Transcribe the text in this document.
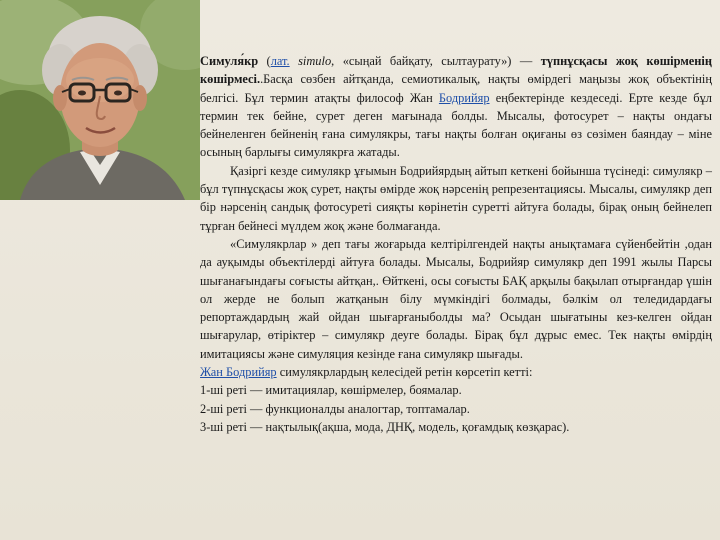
Симуля́кр (лат. simulo, «сыңай байқату, сылтаурату») — түпнұсқасы жоқ көшірменің көшірмесі..Басқа сөзбен айтқанда, семиотикалық, нақты өмірдегі маңызы жоқ объектінің белгісі. Бұл термин атақты философ Жан Бодрийяр еңбектерінде кездеседі. Ерте кезде бұл термин тек бейне, сурет деген мағынада болды. Мысалы, фотосурет – нақты ондағы бейнеленген бейненің ғана симулякры, тағы нақты болған оқиғаны өз сөзімен баяндау – міне осының барлығы симулякрға жатады.

Қазіргі кезде симулякр ұғымын Бодрийярдың айтып кеткені бойынша түсінеді: симулякр – бұл түпнұсқасы жоқ сурет, нақты өмірде жоқ нәрсенің репрезентациясы. Мысалы, симулякр деп бір нәрсенің сандық фотосуреті сияқты көрінетін суретті айтуға болады, бірақ оның бейнелеп тұрған бейнесі мүлдем жоқ және болмағанда.

«Симулякрлар » деп тағы жоғарыда келтірілгендей нақты анықтамаға сүйенбейтін ,одан да ауқымды объектілерді айтуға болады. Мысалы, Бодрийяр симулякр деп 1991 жылы Парсы шығанағындағы соғысты айтқан,. Өйткені, осы соғысты БАҚ арқылы бақылап отырғандар үшін ол жерде не болып жатқанын білу мүмкіндігі болмады, бәлкім ол теледидардағы репортаждардың жай ойдан шығарғаныболды ма? Осыдан шығатыны кез-келген ойдан шығарулар, өтіріктер – симулякр деуге болады. Бірақ бұл дұрыс емес. Тек нақты өмірдің имитациясы және симуляция кезінде ғана симулякр шығады.

Жан Бодрийяр симулякрлардың келесідей ретін көрсетіп кетті:

1-ші реті — имитациялар, көшірмелер, боямалар.

2-ші реті — функционалды аналогтар, топтамалар.

3-ші реті — нақтылық(ақша, мода, ДНҚ, модель, қоғамдық көзқарас).
